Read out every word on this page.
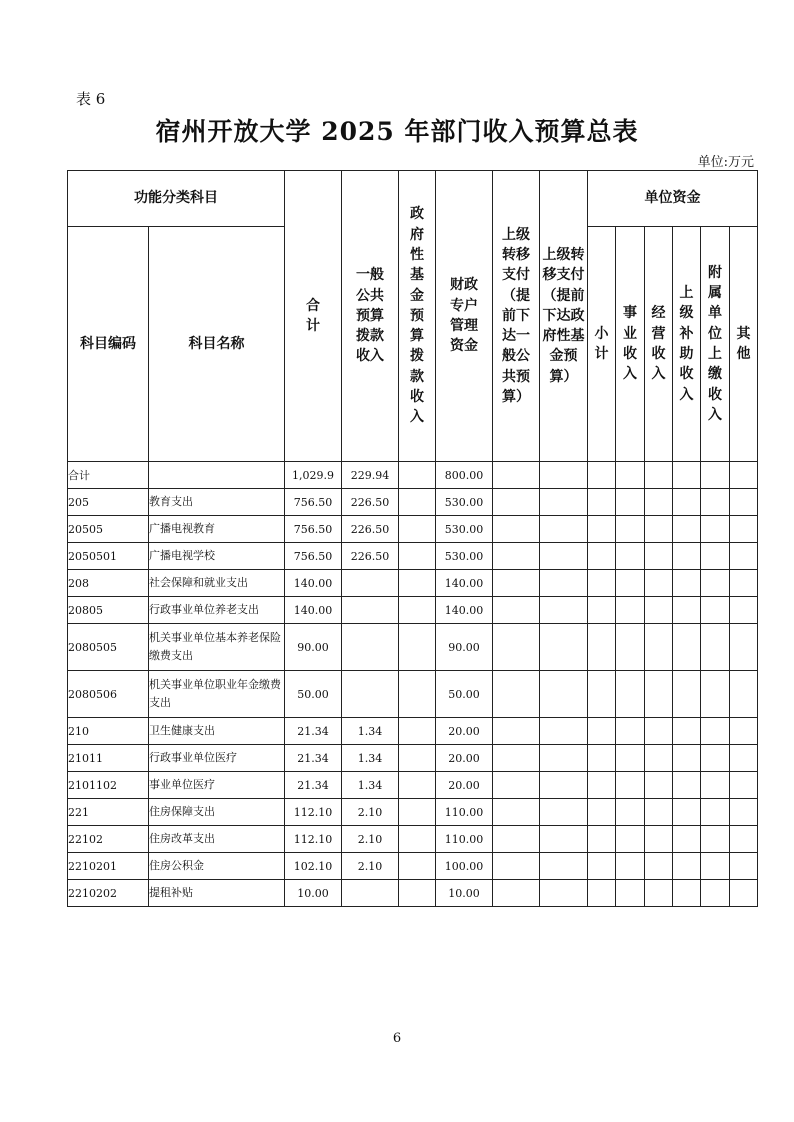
表 6
宿州开放大学 2025 年部门收入预算总表
单位:万元
功能分类科目		合计	一般公共预算拨款收入	政府性基金预算拨款收入	财政专户管理资金	上级转移支付（提前下达一般公共预算）	上级转移支付（提前下达政府性基金预算）	单位资金					
科目编码	科目名称							小计	事业收入	经营收入	上级补助收入	附属单位上缴收入	其他
合计		1,029.9	229.94		800.00								
205	教育支出	756.50	226.50		530.00								
20505	广播电视教育	756.50	226.50		530.00								
2050501	广播电视学校	756.50	226.50		530.00								
208	社会保障和就业支出	140.00			140.00								
20805	行政事业单位养老支出	140.00			140.00								
2080505	机关事业单位基本养老保险缴费支出	90.00			90.00								
2080506	机关事业单位职业年金缴费支出	50.00			50.00								
210	卫生健康支出	21.34	1.34		20.00								
21011	行政事业单位医疗	21.34	1.34		20.00								
2101102	事业单位医疗	21.34	1.34		20.00								
221	住房保障支出	112.10	2.10		110.00								
22102	住房改革支出	112.10	2.10		110.00								
2210201	住房公积金	102.10	2.10		100.00								
2210202	提租补贴	10.00			10.00								
6
